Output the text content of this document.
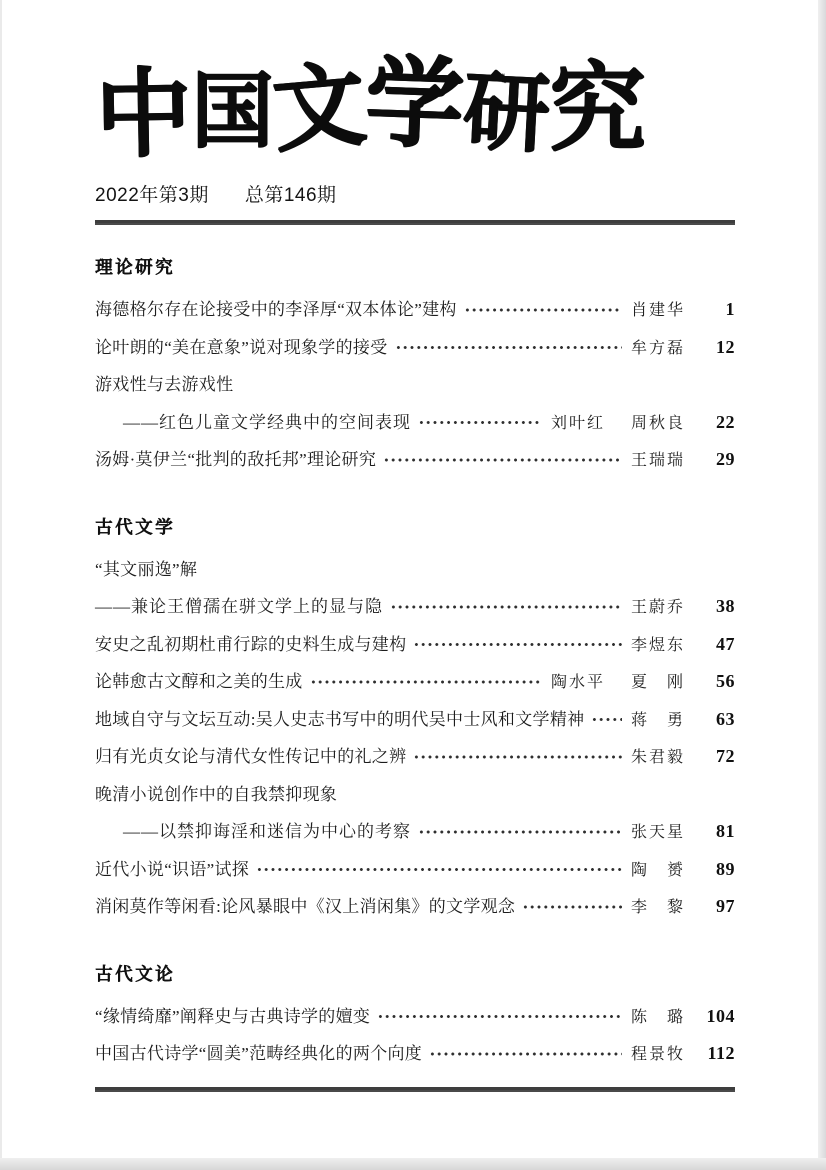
中 国
文
学
研
究
2022年第3期 总第146期
理论研究
海德格尔存在论接受中的李泽厚“双本体论”建构	肖建华	1
论叶朗的“美在意象”说对现象学的接受	牟方磊	12
游戏性与去游戏性
——红色儿童文学经典中的空间表现	刘叶红 周秋良	22
汤姆·莫伊兰“批判的敌托邦”理论研究	王瑞瑞	29
古代文学
“其文丽逸”解
——兼论王僧孺在骈文学上的显与隐	王蔚乔	38
安史之乱初期杜甫行踪的史料生成与建构	李煜东	47
论韩愈古文醇和之美的生成	陶水平 夏　刚	56
地域自守与文坛互动:吴人史志书写中的明代吴中士风和文学精神	蒋　勇	63
归有光贞女论与清代女性传记中的礼之辨	朱君毅	72
晚清小说创作中的自我禁抑现象
——以禁抑诲淫和迷信为中心的考察	张天星	81
近代小说“识语”试探	陶　赟	89
消闲莫作等闲看:论风暴眼中《汉上消闲集》的文学观念	李　黎	97
古代文论
“缘情绮靡”阐释史与古典诗学的嬗变	陈　璐	104
中国古代诗学“圆美”范畴经典化的两个向度	程景牧	112
